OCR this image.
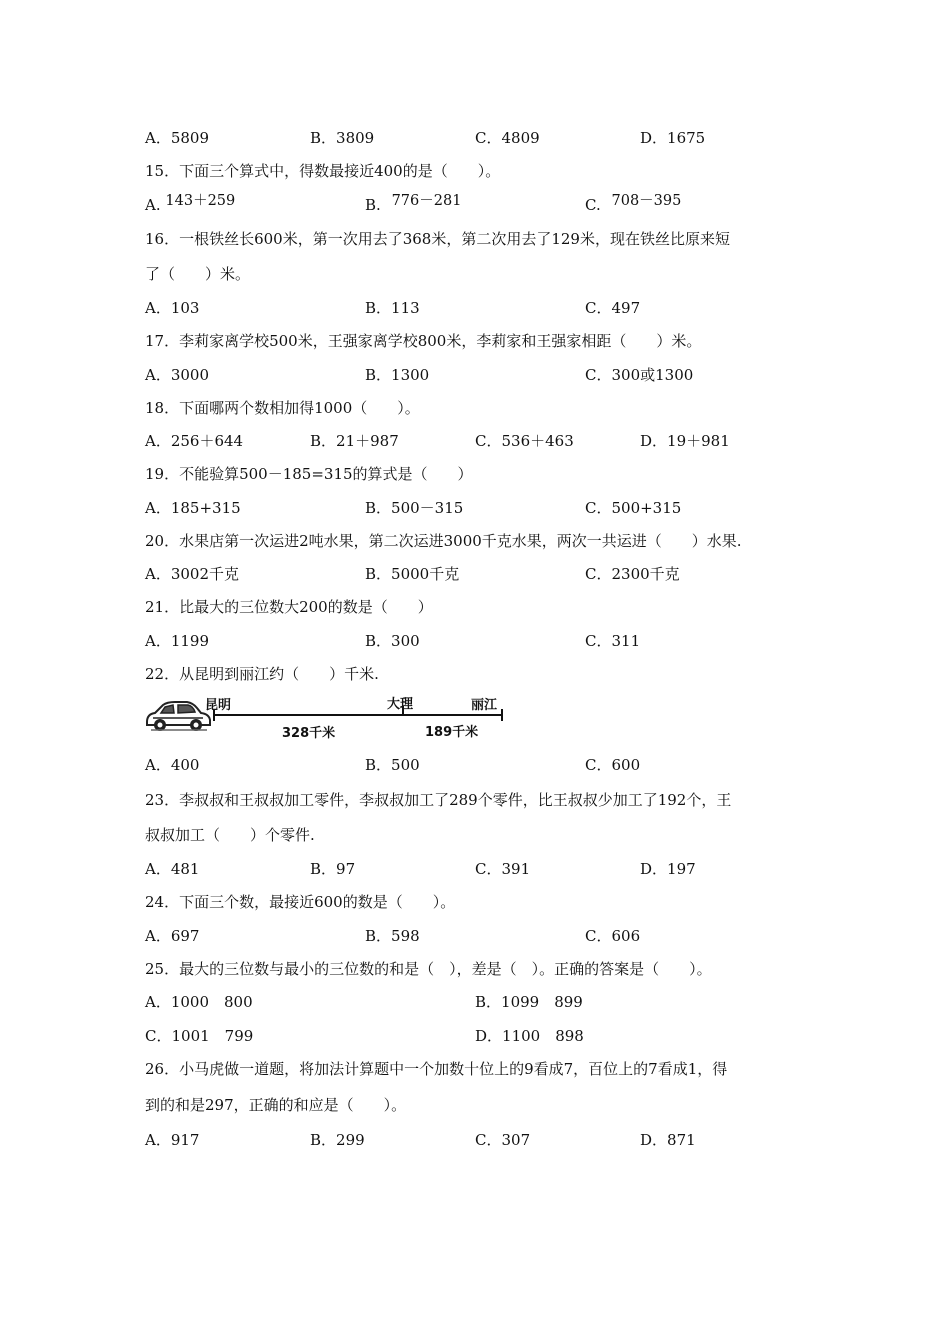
A．5809	B．3809	C．4809	D．1675
15．下面三个算式中，得数最接近400的是（　　）。
A. 143＋259	B. 776－281	C. 708－395
16．一根铁丝长600米，第一次用去了368米，第二次用去了129米，现在铁丝比原来短
了（　　）米。
A．103	B．113	C．497
17．李莉家离学校500米，王强家离学校800米，李莉家和王强家相距（　　）米。
A．3000	B．1300	C．300或1300
18．下面哪两个数相加得1000（　　）。
A．256＋644	B．21＋987	C．536＋463	D．19＋981
19．不能验算500－185=315的算式是（　　）
A．185+315	B．500－315	C．500+315
20．水果店第一次运进2吨水果，第二次运进3000千克水果，两次一共运进（　　）水果.
A．3002千克	B．5000千克	C．2300千克
21．比最大的三位数大200的数是（　　）
A．1199	B．300	C．311
22．从昆明到丽江约（　　）千米.
昆明	大理	丽江
328千米	189千米
A．400	B．500	C．600
23．李叔叔和王叔叔加工零件，李叔叔加工了289个零件，比王叔叔少加工了192个，王
叔叔加工（　　）个零件.
A．481	B．97	C．391	D．197
24．下面三个数，最接近600的数是（　　）。
A．697	B．598	C．606
25．最大的三位数与最小的三位数的和是（　），差是（　）。正确的答案是（　　）。
A．1000　800	B．1099　899
C．1001　799	D．1100　898
26．小马虎做一道题，将加法计算题中一个加数十位上的9看成7，百位上的7看成1，得
到的和是297，正确的和应是（　　）。
A．917	B．299	C．307	D．871
